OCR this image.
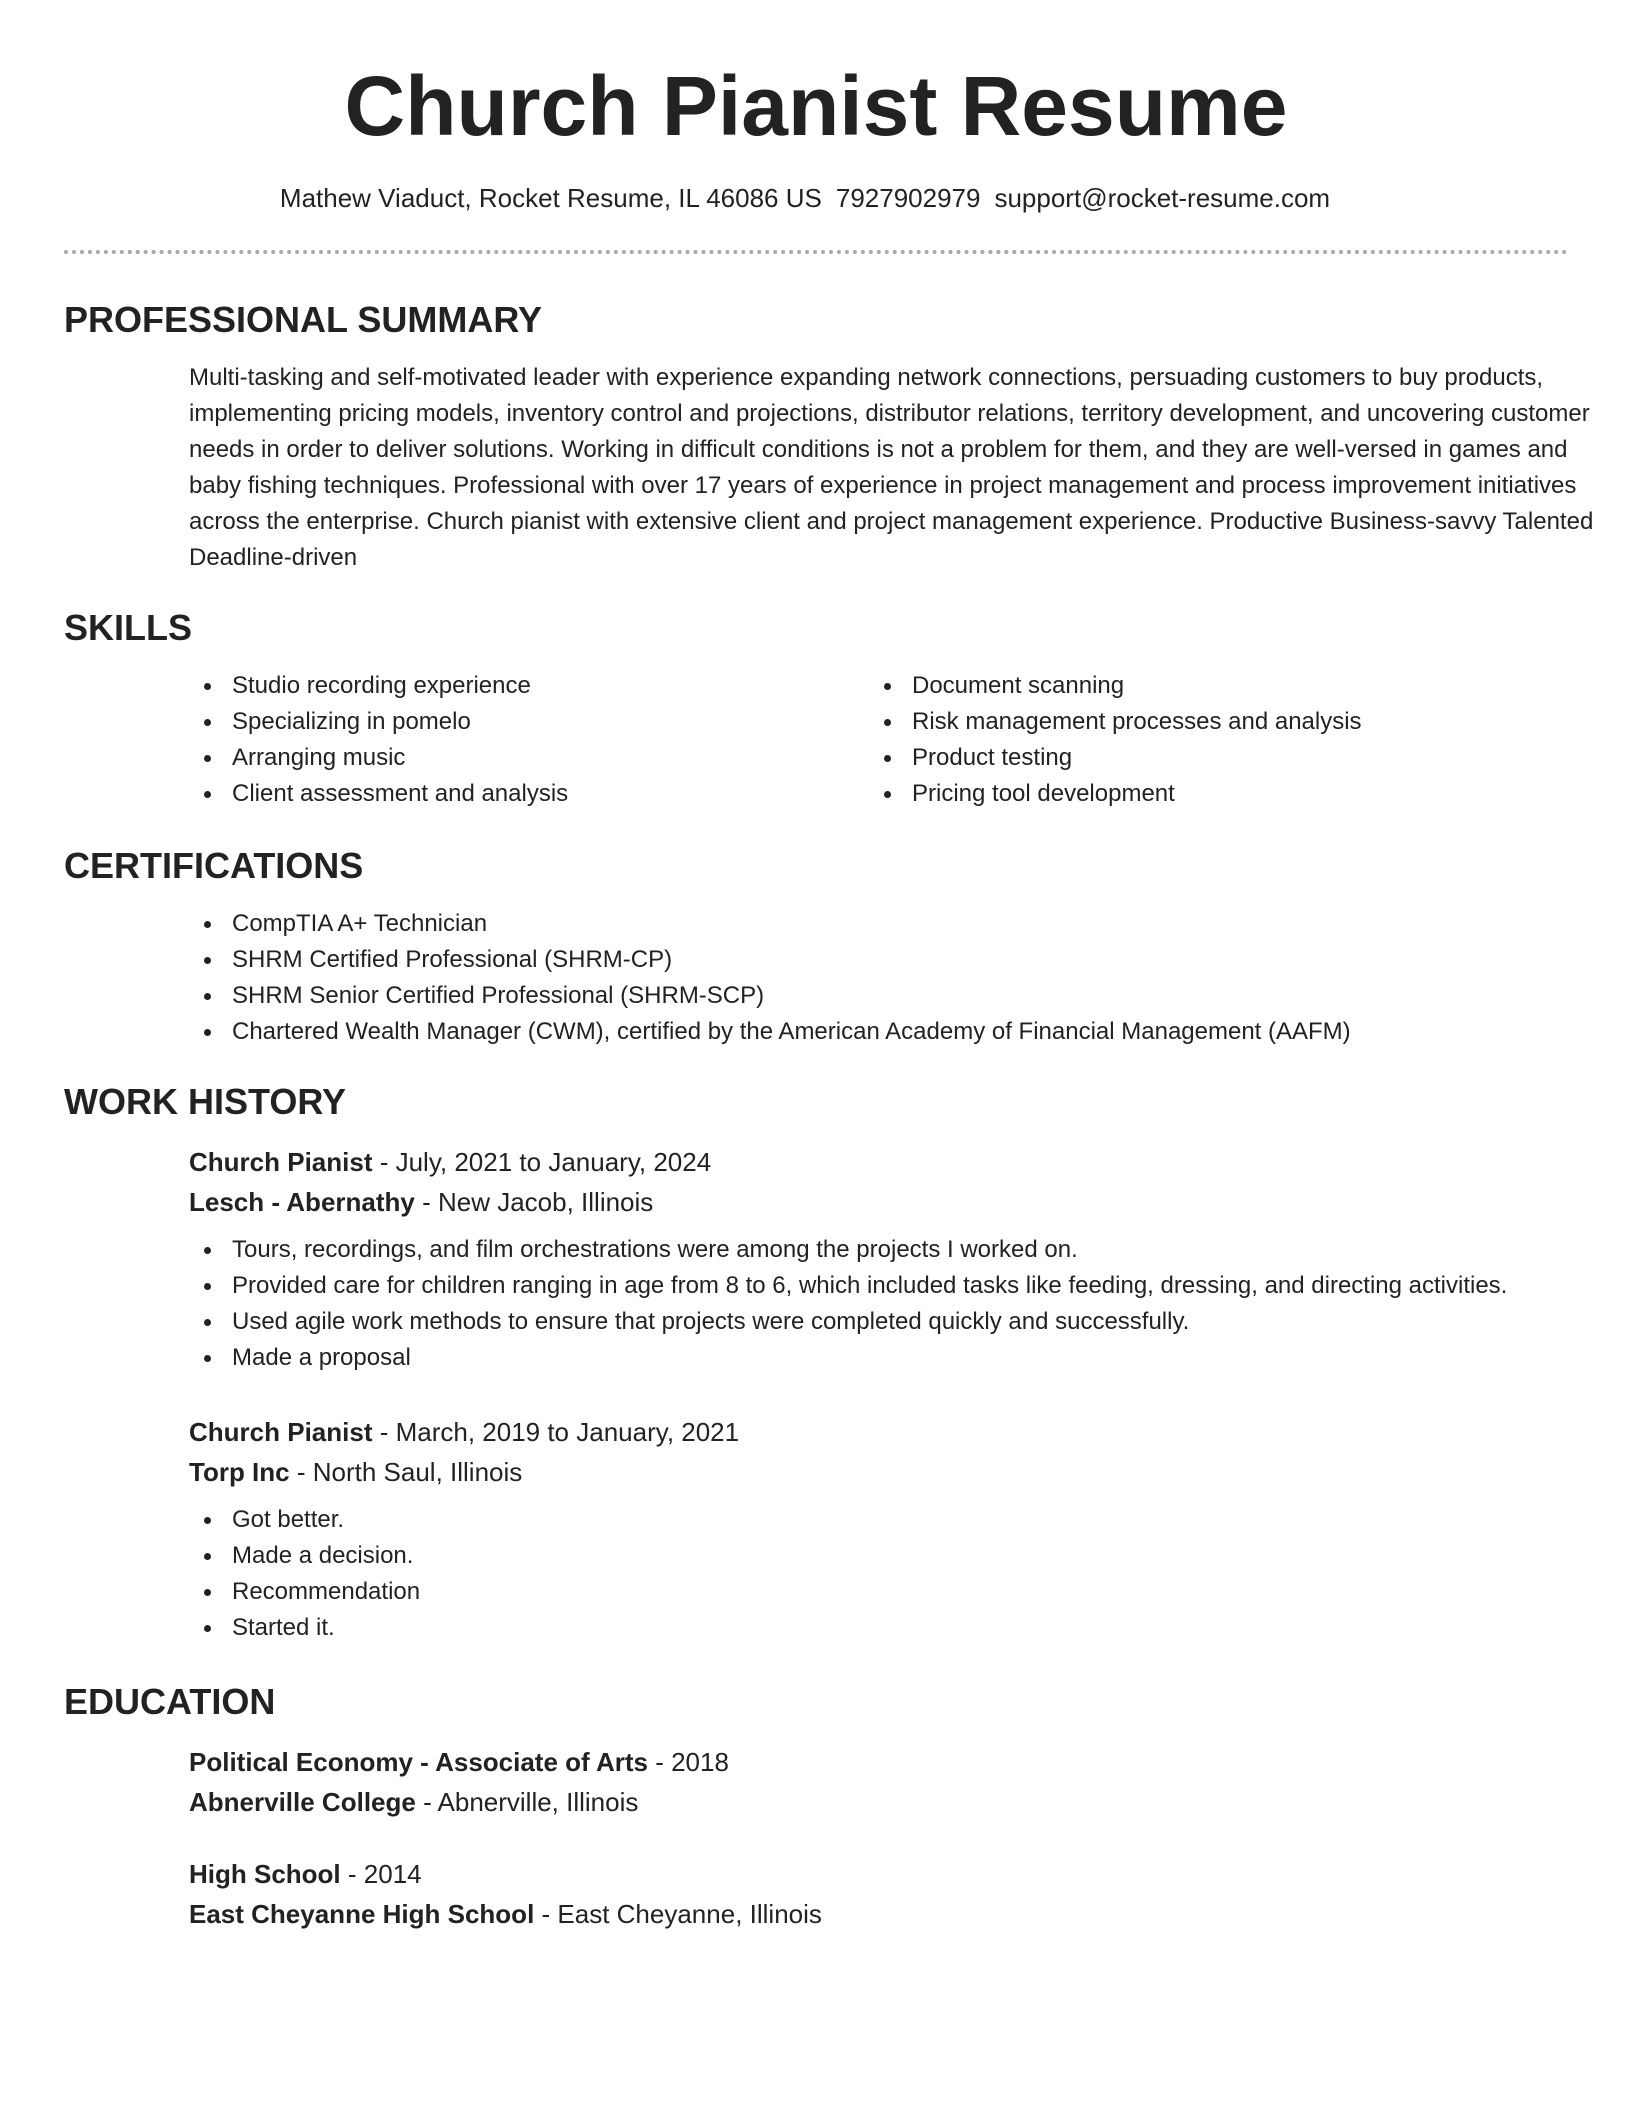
Church Pianist Resume
Mathew Viaduct, Rocket Resume, IL 46086 US 7927902979 support@rocket-resume.com
PROFESSIONAL SUMMARY
Multi-tasking and self-motivated leader with experience expanding network connections, persuading customers to buy products, implementing pricing models, inventory control and projections, distributor relations, territory development, and uncovering customer needs in order to deliver solutions. Working in difficult conditions is not a problem for them, and they are well-versed in games and baby fishing techniques. Professional with over 17 years of experience in project management and process improvement initiatives across the enterprise. Church pianist with extensive client and project management experience. Productive Business-savvy Talented Deadline-driven
SKILLS
Studio recording experience
Specializing in pomelo
Arranging music
Client assessment and analysis
Document scanning
Risk management processes and analysis
Product testing
Pricing tool development
CERTIFICATIONS
CompTIA A+ Technician
SHRM Certified Professional (SHRM-CP)
SHRM Senior Certified Professional (SHRM-SCP)
Chartered Wealth Manager (CWM), certified by the American Academy of Financial Management (AAFM)
WORK HISTORY
Church Pianist - July, 2021 to January, 2024
Lesch - Abernathy - New Jacob, Illinois
Tours, recordings, and film orchestrations were among the projects I worked on.
Provided care for children ranging in age from 8 to 6, which included tasks like feeding, dressing, and directing activities.
Used agile work methods to ensure that projects were completed quickly and successfully.
Made a proposal
Church Pianist - March, 2019 to January, 2021
Torp Inc - North Saul, Illinois
Got better.
Made a decision.
Recommendation
Started it.
EDUCATION
Political Economy - Associate of Arts - 2018
Abnerville College - Abnerville, Illinois
High School - 2014
East Cheyanne High School - East Cheyanne, Illinois
